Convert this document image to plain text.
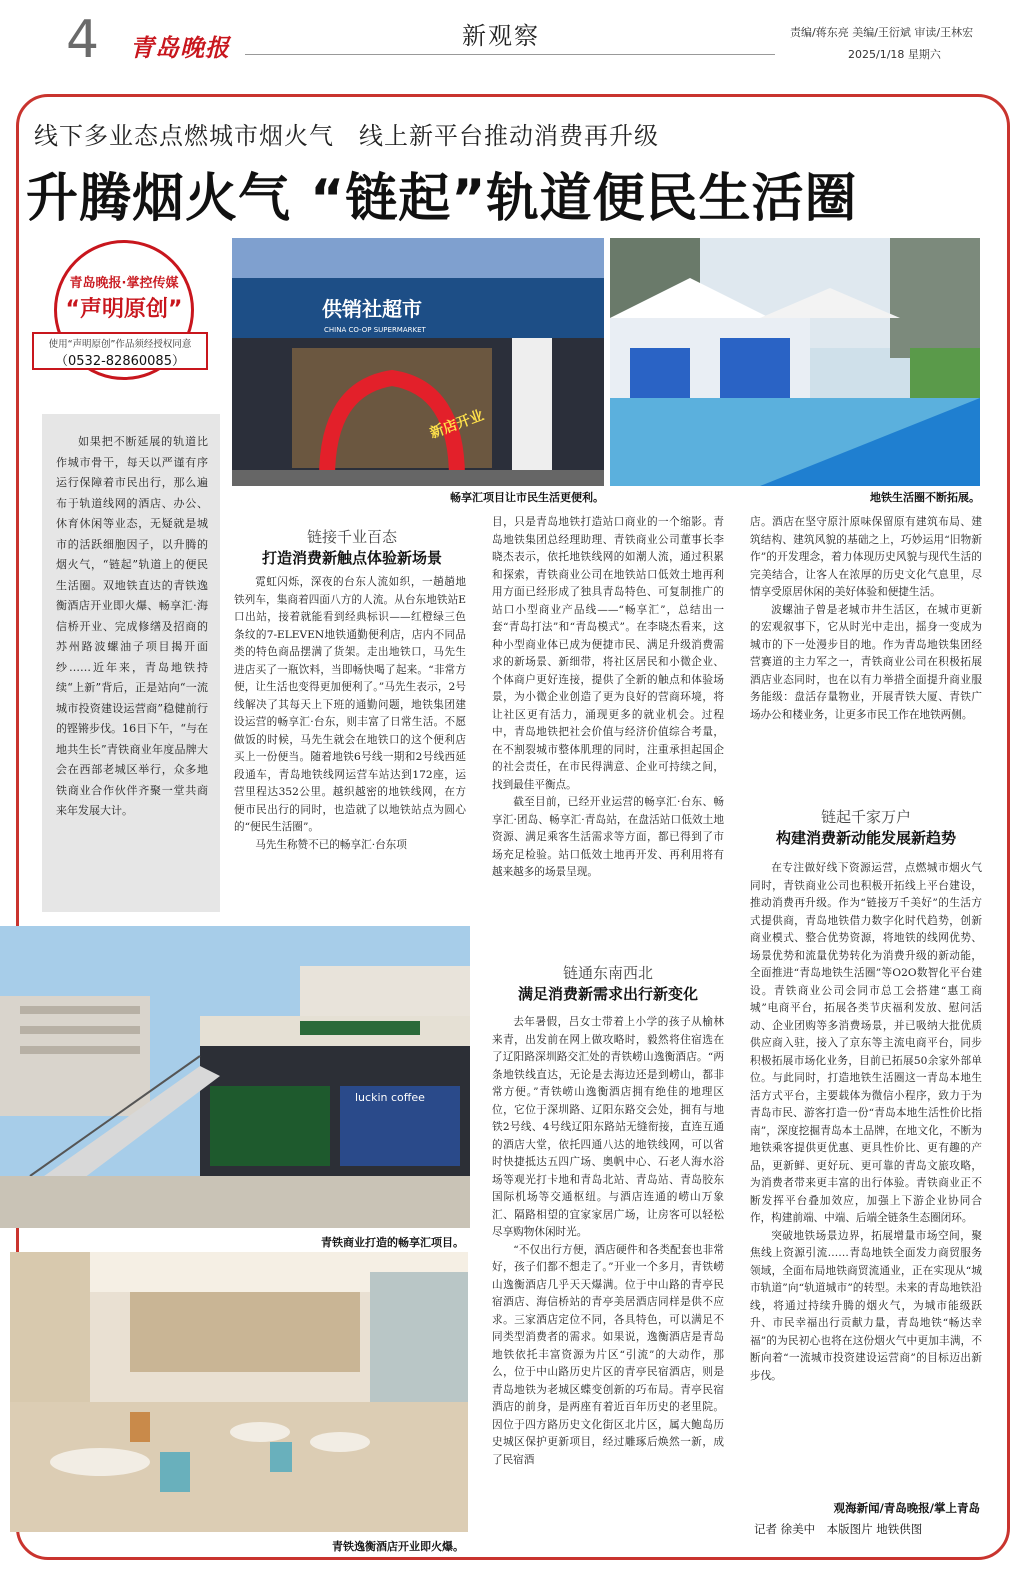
4 青岛晚报	新观察	责编/蒋东亮 美编/王衍斌 审读/王林宏
2025/1/18 星期六
线下多业态点燃城市烟火气　线上新平台推动消费再升级
升腾烟火气 “链起”轨道便民生活圈
青岛晚报·掌控传媒
“声明原创”
使用“声明原创”作品须经授权同意
（0532-82860085）

如果把不断延展的轨道比作城市骨干，每天以严谨有序运行保障着市民出行，那么遍布于轨道线网的酒店、办公、休育休闲等业态，无疑就是城市的活跃细胞因子，以升腾的烟火气，“链起”轨道上的便民生活圈。双地铁直达的青铁逸衡酒店开业即火爆、畅享汇·海信桥开业、完成修缮及招商的苏州路波螺油子项目揭开面纱……近年来，青岛地铁持续“上新”背后，正是站向“一流城市投资建设运营商”稳健前行的铿锵步伐。16日下午，“与在地共生长”青铁商业年度品牌大会在西部老城区举行，众多地铁商业合作伙伴齐聚一堂共商来年发展大计。

供销社超市
CHINA CO-OP SUPERMARKET
新店开业
畅享汇项目让市民生活更便利。	地铁生活圈不断拓展。
luckin coffee
青铁商业打造的畅享汇项目。
青铁逸衡酒店开业即火爆。
链接千业百态
打造消费新触点体验新场景

霓虹闪烁，深夜的台东人流如织，一趟趟地铁列车，集商着四面八方的人流。从台东地铁站E口出站，接着就能看到经典标识——红橙绿三色条纹的7-ELEVEN地铁通勤便利店，店内不同品类的特色商品摆满了货架。走出地铁口，马先生进店买了一瓶饮料，当即畅快喝了起来。“非常方便，让生活也变得更加便利了。”马先生表示，2号线解决了其每天上下班的通勤问题，地铁集团建设运营的畅享汇·台东，则丰富了日常生活。不愿做饭的时候，马先生就会在地铁口的这个便利店买上一份便当。随着地铁6号线一期和2号线西延段通车，青岛地铁线网运营车站达到172座，运营里程达352公里。越织越密的地铁线网，在方便市民出行的同时，也造就了以地铁站点为圆心的“便民生活圈”。

马先生称赞不已的畅享汇·台东项

目，只是青岛地铁打造站口商业的一个缩影。青岛地铁集团总经理助理、青铁商业公司董事长李晓杰表示，依托地铁线网的如潮人流，通过积累和探索，青铁商业公司在地铁站口低效土地再利用方面已经形成了独具青岛特色、可复制推广的站口小型商业产品线——“畅享汇”，总结出一套“青岛打法”和“青岛模式”。在李晓杰看来，这种小型商业体已成为便捷市民、满足升级消费需求的新场景、新细带，将社区居民和小微企业、个体商户更好连接，提供了全新的触点和体验场景，为小微企业创造了更为良好的营商环境，将让社区更有活力，涌现更多的就业机会。过程中，青岛地铁把社会价值与经济价值综合考量，在不割裂城市整体肌理的同时，注重承担起国企的社会责任，在市民得满意、企业可持续之间，找到最佳平衡点。

截至目前，已经开业运营的畅享汇·台东、畅享汇·团岛、畅享汇·青岛站，在盘活站口低效土地资源、满足乘客生活需求等方面，都已得到了市场充足检验。站口低效土地再开发、再利用将有越来越多的场景呈现。

链通东南西北
满足消费新需求出行新变化

去年暑假，吕女士带着上小学的孩子从榆林来青，出发前在网上做攻略时，毅然将住宿选在了辽阳路深圳路交汇处的青铁崂山逸衡酒店。“两条地铁线直达，无论是去海边还是到崂山，都非常方便。”青铁崂山逸衡酒店拥有绝佳的地理区位，它位于深圳路、辽阳东路交会处，拥有与地铁2号线、4号线辽阳东路站无缝衔接，直连互通的酒店大堂，依托四通八达的地铁线网，可以省时快捷抵达五四广场、奥帆中心、石老人海水浴场等观光打卡地和青岛北站、青岛站、青岛胶东国际机场等交通枢纽。与酒店连通的崂山万象汇、隔路相望的宜家家居广场，让房客可以轻松尽享购物休闲时光。

“不仅出行方便，酒店硬件和各类配套也非常好，孩子们都不想走了。”开业一个多月，青铁崂山逸衡酒店几乎天天爆满。位于中山路的青亭民宿酒店、海信桥站的青亭美居酒店同样是供不应求。三家酒店定位不同，各具特色，可以满足不同类型消费者的需求。如果说，逸衡酒店是青岛地铁依托丰富资源为片区“引流”的大动作，那么，位于中山路历史片区的青亭民宿酒店，则是青岛地铁为老城区蝶变创新的巧布局。青亭民宿酒店的前身，是两座有着近百年历史的老里院。因位于四方路历史文化街区北片区，属大鲍岛历史城区保护更新项目，经过雕琢后焕然一新，成了民宿酒

店。酒店在坚守原汁原味保留原有建筑布局、建筑结构、建筑风貌的基础之上，巧妙运用“旧物新作”的开发理念，着力体现历史风貌与现代生活的完美结合，让客人在浓厚的历史文化气息里，尽情享受原居休闲的美好体验和便捷生活。

波螺油子曾是老城市井生活区，在城市更新的宏观叙事下，它从时光中走出，摇身一变成为城市的下一处漫步目的地。作为青岛地铁集团经营赛道的主力军之一，青铁商业公司在积极拓展酒店业态同时，也在以有力举措全面提升商业服务能级：盘活存量物业，开展青铁大厦、青铁广场办公和楼业务，让更多市民工作在地铁两侧。

链起千家万户
构建消费新动能发展新趋势

在专注做好线下资源运营，点燃城市烟火气同时，青铁商业公司也积极开拓线上平台建设，推动消费再升级。作为“链接万千美好”的生活方式提供商，青岛地铁借力数字化时代趋势，创新商业模式、整合优势资源，将地铁的线网优势、场景优势和流量优势转化为消费升级的新动能，全面推进“青岛地铁生活圈”等O2O数智化平台建设。青铁商业公司会同市总工会搭建“惠工商城”电商平台，拓展各类节庆福利发放、慰问活动、企业团购等多消费场景，并已吸纳大批优质供应商入驻，接入了京东等主流电商平台，同步积极拓展市场化业务，目前已拓展50余家外部单位。与此同时，打造地铁生活圈这一青岛本地生活方式平台，主要载体为微信小程序，致力于为青岛市民、游客打造一份“青岛本地生活性价比指南”，深度挖掘青岛本土品牌，在地文化，不断为地铁乘客提供更优惠、更具性价比、更有趣的产品，更新鲜、更好玩、更可靠的青岛文旅攻略，为消费者带来更丰富的出行体验。青铁商业正不断发挥平台叠加效应，加强上下游企业协同合作，构建前端、中端、后端全链条生态圈闭环。

突破地铁场景边界，拓展增量市场空间，聚焦线上资源引流……青岛地铁全面发力商贸服务领域，全面布局地铁商贸流通业，正在实现从“城市轨道”向“轨道城市”的转型。未来的青岛地铁沿线，将通过持续升腾的烟火气，为城市能级跃升、市民幸福出行贡献力量，青岛地铁“畅达幸福”的为民初心也将在这份烟火气中更加丰满，不断向着“一流城市投资建设运营商”的目标迈出新步伐。

观海新闻/青岛晚报/掌上青岛
记者 徐美中　本版图片 地铁供图
